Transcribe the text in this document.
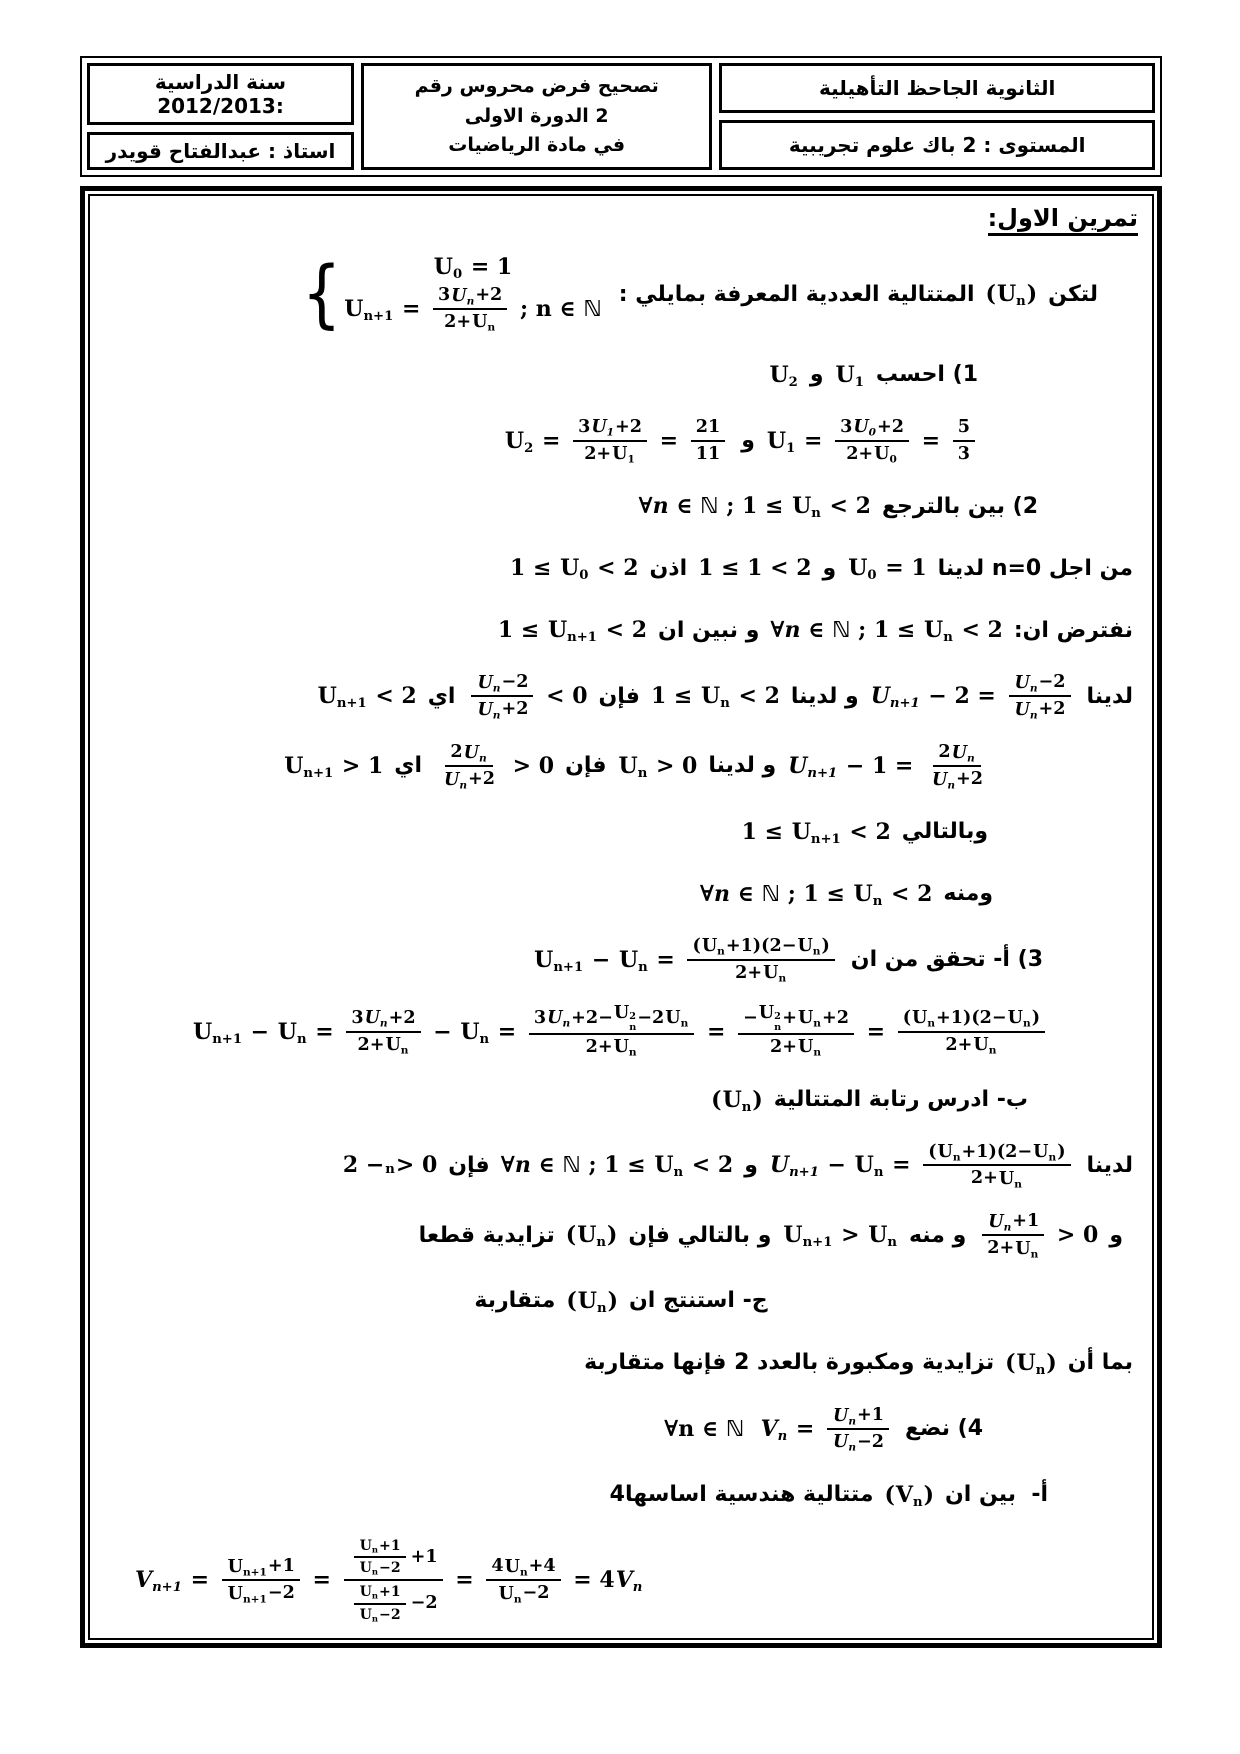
الثانوية الجاحظ التأهيلية
المستوى : 2 باك علوم تجريبية
تصحيح فرض محروس رقم
2 الدورة الاولى
في مادة الرياضيات
سنة الدراسية :2012/2013
استاذ : عبدالفتاح قويدر
تمرين الاول:
لتكن
( U n )
المتتالية العددية المعرفة بمايلي :
{	U 0 = 1
U $n+1 = \frac{\text{3 U n +2}}{\text{2+ U n}}$ ; n ∈ ℕ
1) احسب
U 1
و
U 2
U $1 = \frac{3 U 0 +2}{2+ U 0} = \frac{5}{3}$
و
U $2 = \frac{3 U 1 +2}{2+ U 1} = \frac{21}{11}$
2) بين بالترجع
∀ n ∈ ℕ ; 1 ≤ U n < 2
من اجل n=0 لدينا
U 0 = 1
و
1 ≤ 1 < 2
اذن
1 ≤ U 0 < 2
نفترض ان:
∀ n ∈ ℕ ; 1 ≤ U n < 2
و نبين ان
1 ≤ U n+1 < 2
لدينا
U $n+1 - 2 = \frac{\text{U n −2}}{\text{U n +2}}$
و لدينا
1 ≤ U n < 2
فإن
$\frac{\text{U n −2}}{\text{U n +2}} < 0$
اي
U n+1 < 2
U $n+1 - 1 = \frac{\text{2 U n}}{\text{U n +2}}$
و لدينا
U n > 0
فإن
$\frac{\text{2 U n}}{\text{U n +2}} > 0$
اي
U n+1 > 1
وبالتالي
1 ≤ U n+1 < 2
ومنه
∀ n ∈ ℕ ; 1 ≤ U n < 2
3) أ- تحقق من ان
U n+1 − U $n = \frac{\text{( U n +1)(2− U n )}}{\text{2+ U n}}$
U n+1 − U $n = \frac{\text{3 U n +2}}{\text{2+ U n}} - U$ n = 3 U n +2− U 2
n −2 U n
2+ U n = − U 2
n + U n +2
2+ U $n = \frac{\text{( U n +1)(2− U n )}}{\text{2+ U n}}$
ب- ادرس رتابة المتتالية
( U n )
لدينا
U n+1 − U $n = \frac{\text{( U n +1)(2− U n )}}{\text{2+ U n}}$
و
∀ n ∈ ℕ ; 1 ≤ U n < 2
فإن
2 − n > 0
و
$\frac{\text{U n +1}}{\text{2+ U n}} > 0$
و منه
U n+1 > U n
و بالتالي فإن
( U n )
تزايدية قطعا
ج- استنتج ان
( U n )
متقاربة
بما أن
( U n )
تزايدية ومكبورة بالعدد 2 فإنها متقاربة
4) نضع
∀n ∈ ℕ V $n = \frac{\text{U n +1}}{\text{U n −2}}$
أ-  بين ان
( V n )
متتالية هندسية اساسها4
V $n+1 = \frac{\text{U n+1 +1}}{\text{U n+1 −2}} = \frac{\frac{\text{U n +1}}{\text{U n −2}} +1}{\frac{\text{U n +1}}{\text{U n −2}} -2} = \frac{\text{4 U n +4}}{\text{U n −2}} = 4$ V n
